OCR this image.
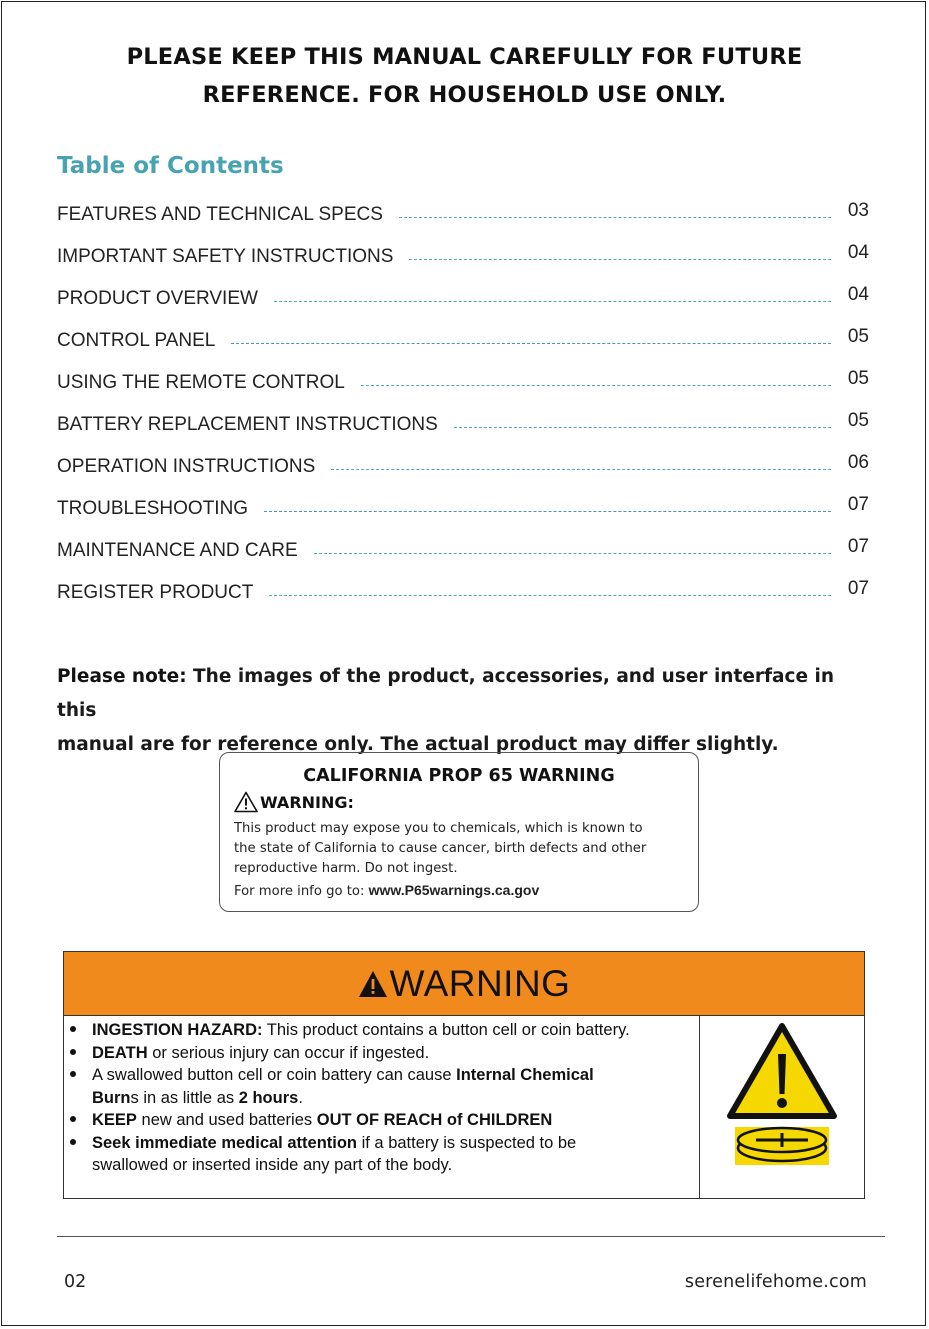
PLEASE KEEP THIS MANUAL CAREFULLY FOR FUTURE
REFERENCE. FOR HOUSEHOLD USE ONLY.
Table of Contents
FEATURES AND TECHNICAL SPECS	03
IMPORTANT SAFETY INSTRUCTIONS	04
PRODUCT OVERVIEW	04
CONTROL PANEL	05
USING THE REMOTE CONTROL	05
BATTERY REPLACEMENT INSTRUCTIONS	05
OPERATION INSTRUCTIONS	06
TROUBLESHOOTING	07
MAINTENANCE AND CARE	07
REGISTER PRODUCT	07
Please note: The images of the product, accessories, and user interface in this
manual are for reference only. The actual product may differ slightly.
CALIFORNIA PROP 65 WARNING
WARNING:
This product may expose you to chemicals, which is known to
the state of California to cause cancer, birth defects and other
reproductive harm. Do not ingest.
For more info go to: www.P65warnings.ca.gov
WARNING
INGESTION HAZARD: This product contains a button cell or coin battery.
DEATH or serious injury can occur if ingested.
A swallowed button cell or coin battery can cause Internal Chemical
Burns in as little as 2 hours.
KEEP new and used batteries OUT OF REACH of CHILDREN
Seek immediate medical attention if a battery is suspected to be
swallowed or inserted inside any part of the body.
02	serenelifehome.com
